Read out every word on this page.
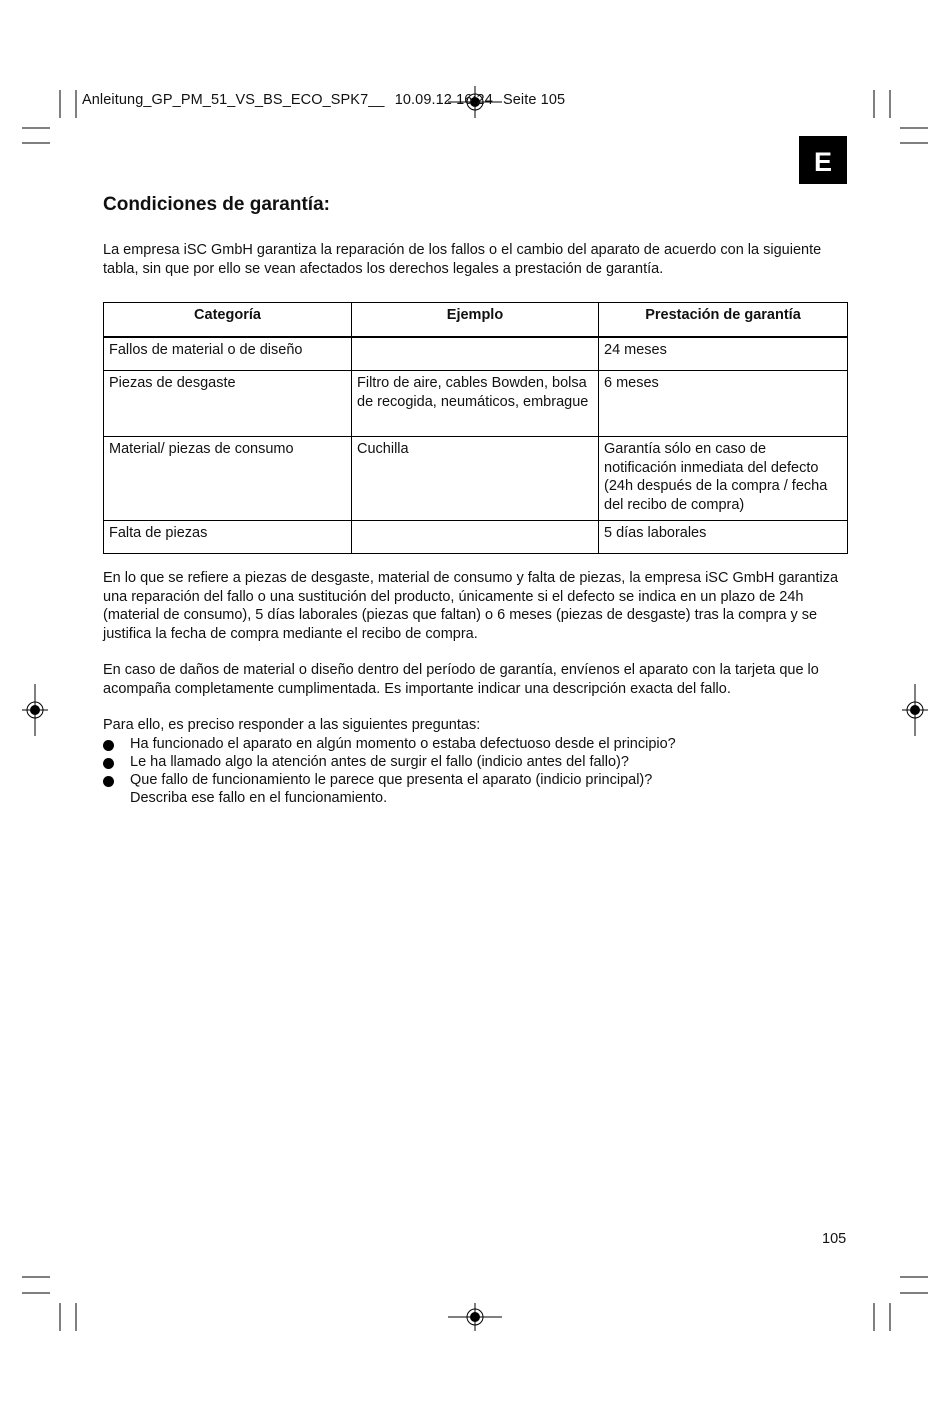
Anleitung_GP_PM_51_VS_BS_ECO_SPK7__ 10.09.12 16:24 Seite 105
E
Condiciones de garantía:

La empresa iSC GmbH garantiza la reparación de los fallos o el cambio del aparato de acuerdo con la siguiente tabla, sin que por ello se vean afectados los derechos legales a prestación de garantía.

Categoría	Ejemplo	Prestación de garantía
Fallos de material o de diseño		24 meses
Piezas de desgaste	Filtro de aire, cables Bowden, bolsa de recogida, neumáticos, embrague	6 meses
Material/ piezas de consumo	Cuchilla	Garantía sólo en caso de notificación inmediata del defecto (24h después de la compra / fecha del recibo de compra)
Falta de piezas		5 días laborales

En lo que se refiere a piezas de desgaste, material de consumo y falta de piezas, la empresa iSC GmbH garantiza una reparación del fallo o una sustitución del producto, únicamente si el defecto se indica en un plazo de 24h (material de consumo), 5 días laborales (piezas que faltan) o 6 meses (piezas de desgaste) tras la compra y se justifica la fecha de compra mediante el recibo de compra.

En caso de daños de material o diseño dentro del período de garantía, envíenos el aparato con la tarjeta que lo acompaña completamente cumplimentada. Es importante indicar una descripción exacta del fallo.

Para ello, es preciso responder a las siguientes preguntas:

Ha funcionado el aparato en algún momento o estaba defectuoso desde el principio?
Le ha llamado algo la atención antes de surgir el fallo (indicio antes del fallo)?
Que fallo de funcionamiento le parece que presenta el aparato (indicio principal)?
Describa ese fallo en el funcionamiento.
105
